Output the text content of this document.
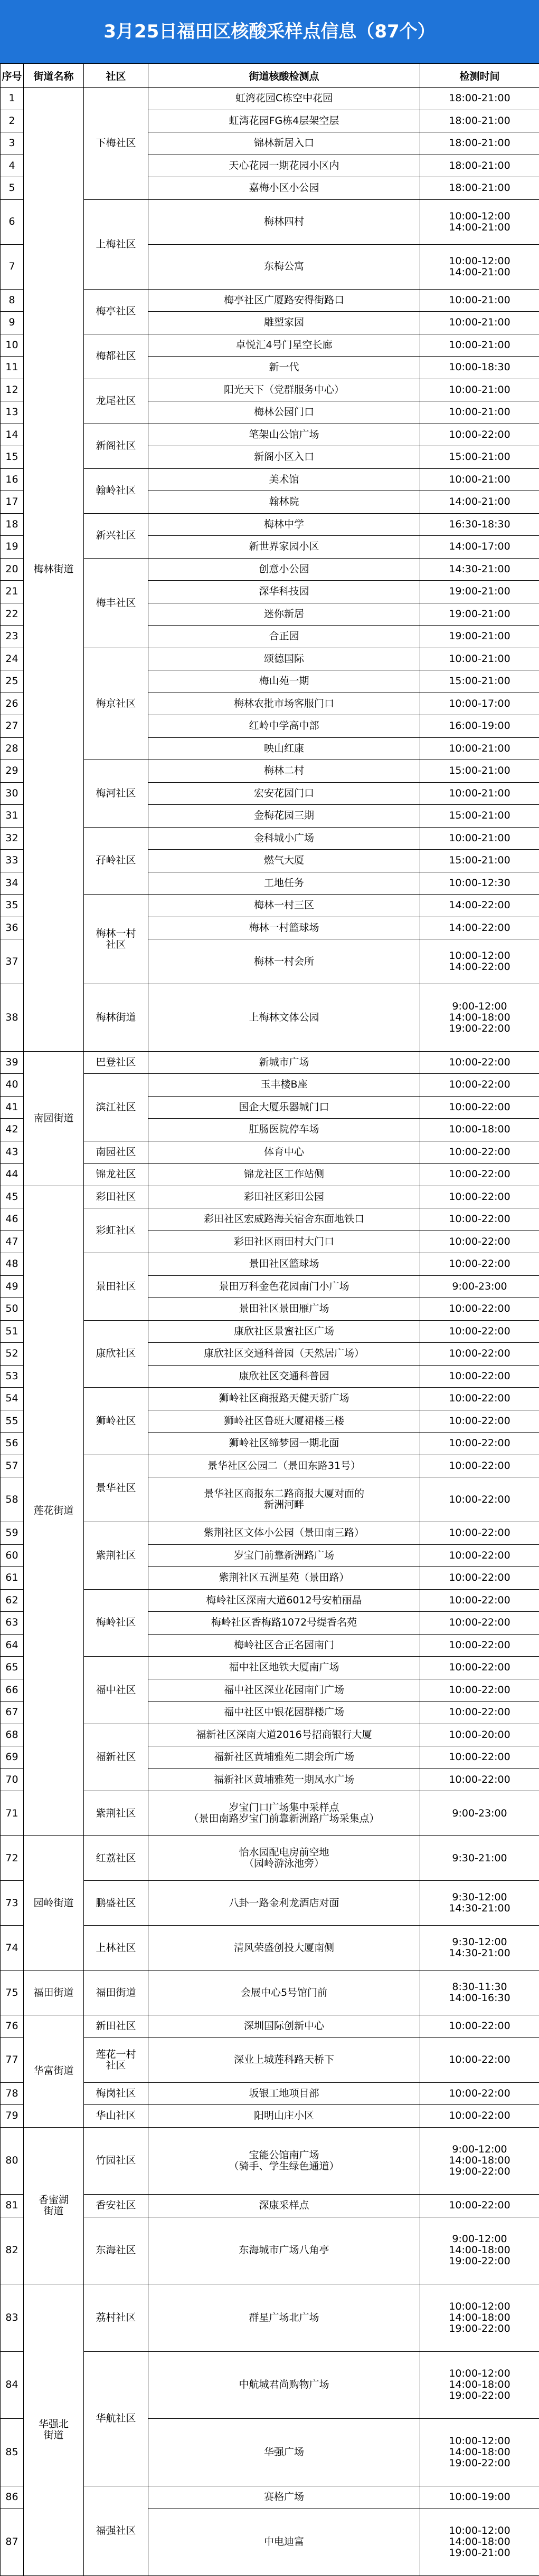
3月25日福田区核酸采样点信息（87个）
序号	街道名称	社区	街道核酸检测点	检测时间
1	梅林街道	下梅社区	虹湾花园C栋空中花园	18:00-21:00
2			虹湾花园FG栋4层架空层	18:00-21:00
3			锦林新居入口	18:00-21:00
4			天心花园一期花园小区内	18:00-21:00
5			嘉梅小区小公园	18:00-21:00
6		上梅社区	梅林四村	10:00-12:00
14:00-21:00
7			东梅公寓	10:00-12:00
14:00-21:00
8		梅亭社区	梅亭社区广厦路安得街路口	10:00-21:00
9			雕塑家园	10:00-21:00
10		梅都社区	卓悦汇4号门星空长廊	10:00-21:00
11			新一代	10:00-18:30
12		龙尾社区	阳光天下（党群服务中心）	10:00-21:00
13			梅林公园门口	10:00-21:00
14		新阁社区	笔架山公馆广场	10:00-22:00
15			新阁小区入口	15:00-21:00
16		翰岭社区	美术馆	10:00-21:00
17			翰林院	14:00-21:00
18		新兴社区	梅林中学	16:30-18:30
19			新世界家园小区	14:00-17:00
20		梅丰社区	创意小公园	14:30-21:00
21			深华科技园	19:00-21:00
22			迷你新居	19:00-21:00
23			合正园	19:00-21:00
24		梅京社区	颂德国际	10:00-21:00
25			梅山苑一期	15:00-21:00
26			梅林农批市场客服门口	10:00-17:00
27			红岭中学高中部	16:00-19:00
28			映山红康	10:00-21:00
29		梅河社区	梅林二村	15:00-21:00
30			宏安花园门口	10:00-21:00
31			金梅花园三期	15:00-21:00
32		孖岭社区	金科城小广场	10:00-21:00
33			燃气大厦	15:00-21:00
34			工地任务	10:00-12:30
35		梅林一村
社区	梅林一村三区	14:00-22:00
36			梅林一村篮球场	14:00-22:00
37			梅林一村会所	10:00-12:00
14:00-22:00
38		梅林街道	上梅林文体公园	9:00-12:00
14:00-18:00
19:00-22:00
39	南园街道	巴登社区	新城市广场	10:00-22:00
40		滨江社区	玉丰楼B座	10:00-22:00
41			国企大厦乐器城门口	10:00-22:00
42			肛肠医院停车场	10:00-18:00
43		南园社区	体育中心	10:00-22:00
44		锦龙社区	锦龙社区工作站侧	10:00-22:00
45	莲花街道	彩田社区	彩田社区彩田公园	10:00-22:00
46		彩虹社区	彩田社区宏威路海关宿舍东面地铁口	10:00-22:00
47			彩田社区雨田村大门口	10:00-22:00
48		景田社区	景田社区篮球场	10:00-22:00
49			景田万科金色花园南门小广场	9:00-23:00
50			景田社区景田雁广场	10:00-22:00
51		康欣社区	康欣社区景蜜社区广场	10:00-22:00
52			康欣社区交通科普园（天然居广场）	10:00-22:00
53			康欣社区交通科普园	10:00-22:00
54		狮岭社区	狮岭社区商报路天健天骄广场	10:00-22:00
55			狮岭社区鲁班大厦裙楼三楼	10:00-22:00
56			狮岭社区缔梦园一期北面	10:00-22:00
57		景华社区	景华社区公园二（景田东路31号）	10:00-22:00
58			景华社区商报东二路商报大厦对面的
新洲河畔	10:00-22:00
59		紫荆社区	紫荆社区文体小公园（景田南三路）	10:00-22:00
60			岁宝门前靠新洲路广场	10:00-22:00
61			紫荆社区五洲星苑（景田路）	10:00-22:00
62		梅岭社区	梅岭社区深南大道6012号安柏丽晶	10:00-22:00
63			梅岭社区香梅路1072号缇香名苑	10:00-22:00
64			梅岭社区合正名园南门	10:00-22:00
65		福中社区	福中社区地铁大厦南广场	10:00-22:00
66			福中社区深业花园南门广场	10:00-22:00
67			福中社区中银花园群楼广场	10:00-22:00
68		福新社区	福新社区深南大道2016号招商银行大厦	10:00-20:00
69			福新社区黄埔雅苑二期会所广场	10:00-22:00
70			福新社区黄埔雅苑一期凤水广场	10:00-22:00
71		紫荆社区	岁宝门口广场集中采样点
（景田南路岁宝门前靠新洲路广场采集点）	9:00-23:00
72	园岭街道	红荔社区	怡水园配电房前空地
（园岭游泳池旁）	9:30-21:00
73		鹏盛社区	八卦一路金利龙酒店对面	9:30-12:00
14:30-21:00
74		上林社区	清风荣盛创投大厦南侧	9:30-12:00
14:30-21:00
75	福田街道	福田街道	会展中心5号馆门前	8:30-11:30
14:00-16:30
76	华富街道	新田社区	深圳国际创新中心	10:00-22:00
77		莲花一村
社区	深业上城莲科路天桥下	10:00-22:00
78		梅岗社区	坂银工地项目部	10:00-22:00
79		华山社区	阳明山庄小区	10:00-22:00
80	香蜜湖
街道	竹园社区	宝能公馆南广场
（骑手、学生绿色通道）	9:00-12:00
14:00-18:00
19:00-22:00
81		香安社区	深康采样点	10:00-22:00
82		东海社区	东海城市广场八角亭	9:00-12:00
14:00-18:00
19:00-22:00
83	华强北
街道	荔村社区	群星广场北广场	10:00-12:00
14:00-18:00
19:00-22:00
84		华航社区	中航城君尚购物广场	10:00-12:00
14:00-18:00
19:00-22:00
85			华强广场	10:00-12:00
14:00-18:00
19:00-22:00
86		福强社区	赛格广场	10:00-19:00
87			中电迪富	10:00-12:00
14:00-18:00
19:00-21:00
